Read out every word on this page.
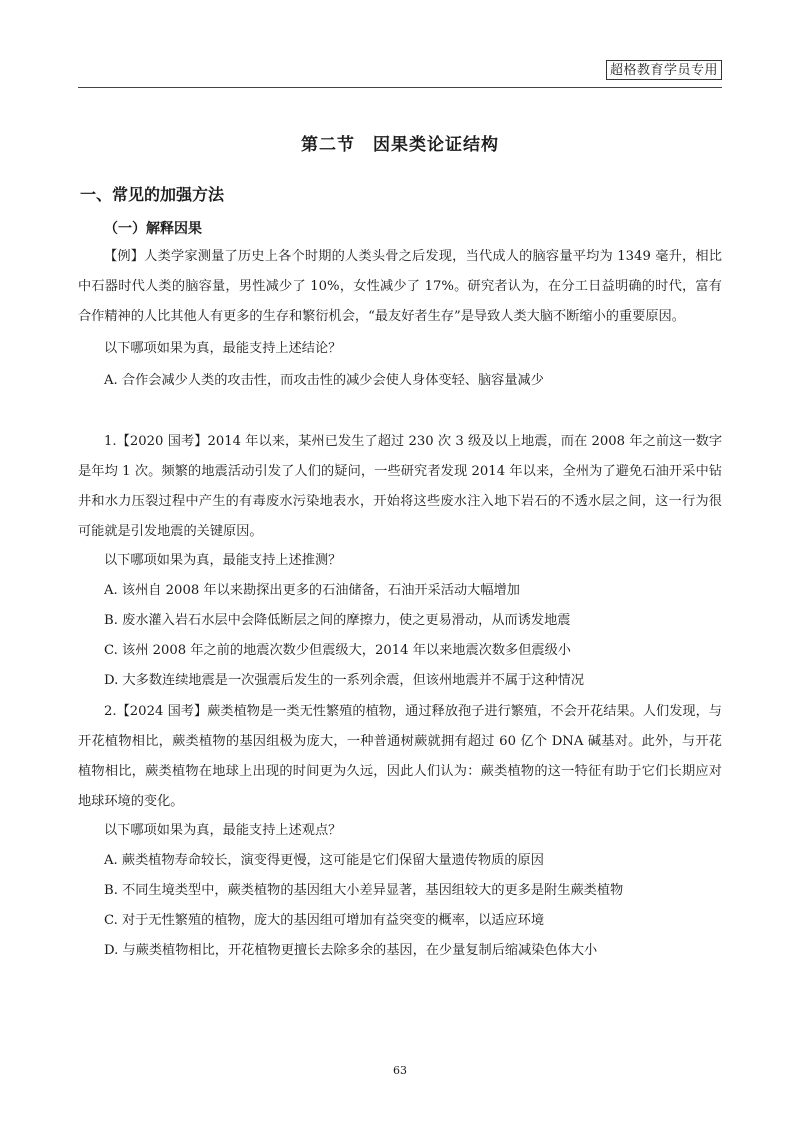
超格教育学员专用
第二节　因果类论证结构
一、常见的加强方法
（一）解释因果

【例】人类学家测量了历史上各个时期的人类头骨之后发现，当代成人的脑容量平均为 1349 毫升，相比中石器时代人类的脑容量，男性减少了 10%，女性减少了 17%。研究者认为，在分工日益明确的时代，富有合作精神的人比其他人有更多的生存和繁衍机会，“最友好者生存”是导致人类大脑不断缩小的重要原因。

以下哪项如果为真，最能支持上述结论？

A. 合作会减少人类的攻击性，而攻击性的减少会使人身体变轻、脑容量减少

1.【2020 国考】2014 年以来，某州已发生了超过 230 次 3 级及以上地震，而在 2008 年之前这一数字是年均 1 次。频繁的地震活动引发了人们的疑问，一些研究者发现 2014 年以来，全州为了避免石油开采中钻井和水力压裂过程中产生的有毒废水污染地表水，开始将这些废水注入地下岩石的不透水层之间，这一行为很可能就是引发地震的关键原因。

以下哪项如果为真，最能支持上述推测？

A. 该州自 2008 年以来勘探出更多的石油储备，石油开采活动大幅增加

B. 废水灌入岩石水层中会降低断层之间的摩擦力，使之更易滑动，从而诱发地震

C. 该州 2008 年之前的地震次数少但震级大，2014 年以来地震次数多但震级小

D. 大多数连续地震是一次强震后发生的一系列余震，但该州地震并不属于这种情况

2.【2024 国考】蕨类植物是一类无性繁殖的植物，通过释放孢子进行繁殖，不会开花结果。人们发现，与开花植物相比，蕨类植物的基因组极为庞大，一种普通树蕨就拥有超过 60 亿个 DNA 碱基对。此外，与开花植物相比，蕨类植物在地球上出现的时间更为久远，因此人们认为：蕨类植物的这一特征有助于它们长期应对地球环境的变化。

以下哪项如果为真，最能支持上述观点？

A. 蕨类植物寿命较长，演变得更慢，这可能是它们保留大量遗传物质的原因

B. 不同生境类型中，蕨类植物的基因组大小差异显著，基因组较大的更多是附生蕨类植物

C. 对于无性繁殖的植物，庞大的基因组可增加有益突变的概率，以适应环境

D. 与蕨类植物相比，开花植物更擅长去除多余的基因，在少量复制后缩减染色体大小

63
